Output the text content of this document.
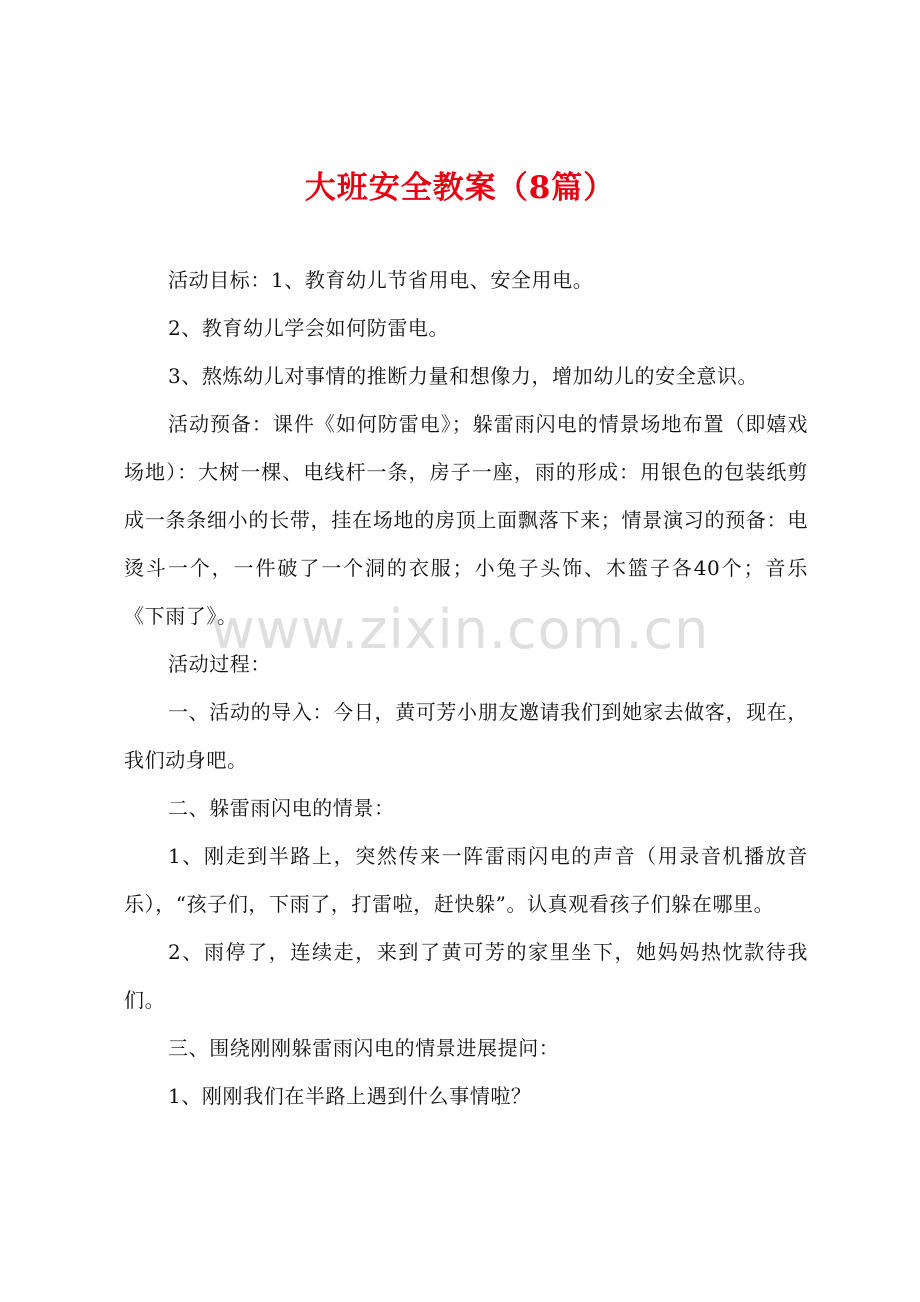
大班安全教案（8篇）

活动目标：1、教育幼儿节省用电、安全用电。

2、教育幼儿学会如何防雷电。

3、熬炼幼儿对事情的推断力量和想像力，增加幼儿的安全意识。

活动预备：课件《如何防雷电》；躲雷雨闪电的情景场地布置（即嬉戏场地）：大树一棵、电线杆一条，房子一座，雨的形成：用银色的包装纸剪成一条条细小的长带，挂在场地的房顶上面飘落下来；情景演习的预备：电烫斗一个，一件破了一个洞的衣服；小兔子头饰、木篮子各40个；音乐《下雨了》。

活动过程：

一、活动的导入：今日，黄可芳小朋友邀请我们到她家去做客，现在，我们动身吧。

二、躲雷雨闪电的情景：

1、刚走到半路上，突然传来一阵雷雨闪电的声音（用录音机播放音乐），“孩子们，下雨了，打雷啦，赶快躲”。认真观看孩子们躲在哪里。

2、雨停了，连续走，来到了黄可芳的家里坐下，她妈妈热忱款待我们。

三、围绕刚刚躲雷雨闪电的情景进展提问：

1、刚刚我们在半路上遇到什么事情啦？

www.zixin.com.cn
